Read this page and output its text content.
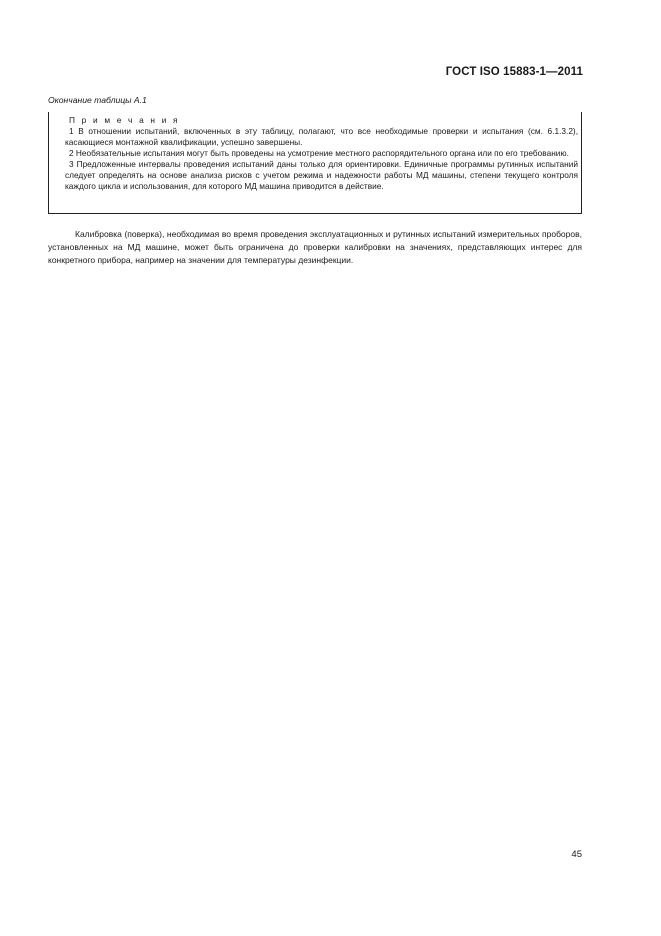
ГОСТ ISO 15883-1—2011
Окончание таблицы А.1

П р и м е ч а н и я

1 В отношении испытаний, включенных в эту таблицу, полагают, что все необходимые проверки и испытания (см. 6.1.3.2), касающиеся монтажной квалификации, успешно завершены.

2 Необязательные испытания могут быть проведены на усмотрение местного распорядительного органа или по его требованию.

3 Предложенные интервалы проведения испытаний даны только для ориентировки. Единичные программы рутинных испытаний следует определять на основе анализа рисков с учетом режима и надежности работы МД машины, степени текущего контроля каждого цикла и использования, для которого МД машина приводится в действие.

Калибровка (поверка), необходимая во время проведения эксплуатационных и рутинных испытаний измерительных проборов, установленных на МД машине, может быть ограничена до проверки калибровки на значениях, представляющих интерес для конкретного прибора, например на значении для температуры дезинфекции.

45
